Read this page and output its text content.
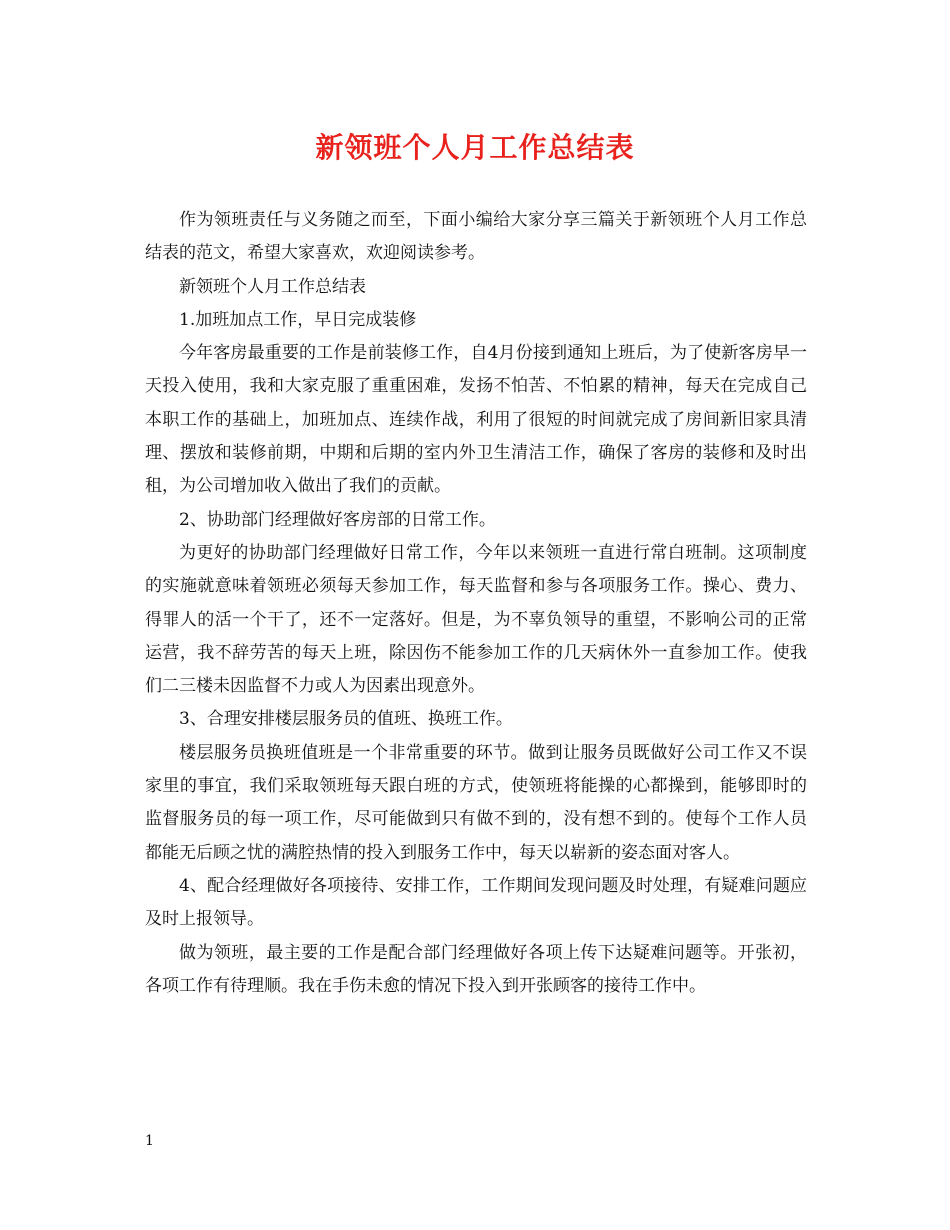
新领班个人月工作总结表

作为领班责任与义务随之而至，下面小编给大家分享三篇关于新领班个人月工作总结表的范文，希望大家喜欢，欢迎阅读参考。

新领班个人月工作总结表

1.加班加点工作，早日完成装修

今年客房最重要的工作是前装修工作，自4月份接到通知上班后，为了使新客房早一天投入使用，我和大家克服了重重困难，发扬不怕苦、不怕累的精神，每天在完成自己本职工作的基础上，加班加点、连续作战，利用了很短的时间就完成了房间新旧家具清理、摆放和装修前期，中期和后期的室内外卫生清洁工作，确保了客房的装修和及时出租，为公司增加收入做出了我们的贡献。

2、协助部门经理做好客房部的日常工作。

为更好的协助部门经理做好日常工作，今年以来领班一直进行常白班制。这项制度的实施就意味着领班必须每天参加工作，每天监督和参与各项服务工作。操心、费力、得罪人的活一个干了，还不一定落好。但是，为不辜负领导的重望，不影响公司的正常运营，我不辞劳苦的每天上班，除因伤不能参加工作的几天病休外一直参加工作。使我们二三楼未因监督不力或人为因素出现意外。

3、合理安排楼层服务员的值班、换班工作。

楼层服务员换班值班是一个非常重要的环节。做到让服务员既做好公司工作又不误家里的事宜，我们采取领班每天跟白班的方式，使领班将能操的心都操到，能够即时的监督服务员的每一项工作，尽可能做到只有做不到的，没有想不到的。使每个工作人员都能无后顾之忧的满腔热情的投入到服务工作中，每天以崭新的姿态面对客人。

4、配合经理做好各项接待、安排工作，工作期间发现问题及时处理，有疑难问题应及时上报领导。

做为领班，最主要的工作是配合部门经理做好各项上传下达疑难问题等。开张初，各项工作有待理顺。我在手伤未愈的情况下投入到开张顾客的接待工作中。

1
